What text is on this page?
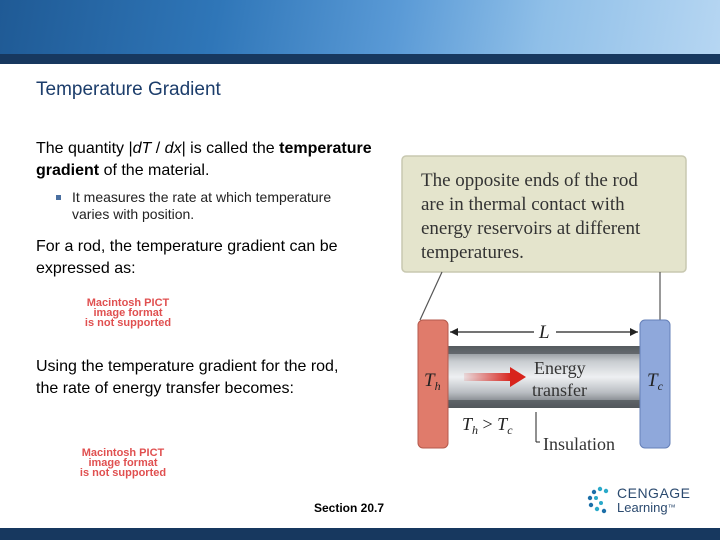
Temperature Gradient
The quantity |dT / dx| is called the temperature gradient of the material.
It measures the rate at which temperature varies with position.
For a rod, the temperature gradient can be expressed as:
Macintosh PICT
image format
is not supported
Using the temperature gradient for the rod, the rate of energy transfer becomes:
Macintosh PICT
image format
is not supported
The opposite ends of the rod
are in thermal contact with
energy reservoirs at different
temperatures.
L
Energy
transfer
$T_h$	$T_c$
$T_h > T_c$
Insulation
Section 20.7
CENGAGE
Learning™
